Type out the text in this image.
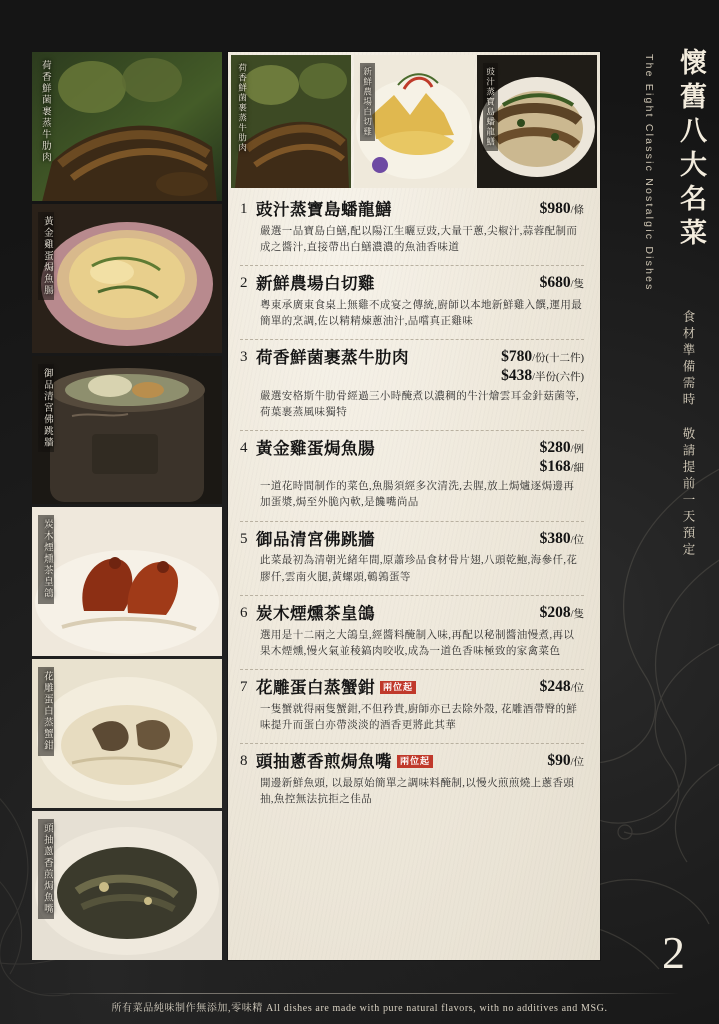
荷香鮮菌裹蒸牛肋肉
黃金雞蛋焗魚腸
御品清宮佛跳牆
炭木煙燻茶皇鴿
花雕蛋白蒸蟹鉗
頭抽蔥香煎焗魚嘴
荷香鮮菌裹蒸牛肋肉	新鮮農場白切雞	豉汁蒸寶島蟠龍鱔
1 豉汁蒸寶島蟠龍鱔	$980/條
嚴選一品寶島白鱔,配以陽江生曬豆豉,大量干蔥,尖椒汁,蒜蓉配制而成之醬汁,直接帶出白鱔濃濃的魚油香味道
2 新鮮農場白切雞	$680/隻
粵東承廣東食桌上無雞不成宴之傳統,廚師以本地新鮮雞入饌,運用最簡單的烹調,佐以精精煉蔥油汁,品嚐真正雞味
3 荷香鮮菌裹蒸牛肋肉	$780/份(十二件)
$438/半份(六件)
嚴選安格斯牛肋骨經過三小時醃煮以濃稠的牛汁燴雲耳金針菇菌等,荷葉裹蒸風味獨特
4 黃金雞蛋焗魚腸	$280/例
$168/細
一道花時間制作的菜色,魚腸須經多次清洗,去腥,放上焗爐逐焗邊再加蛋漿,焗至外脆內軟,是饞嘴尚品
5 御品清宮佛跳牆	$380/位
此菜最初為清朝光緒年間,原蕭珍品食材骨片翅,八頭乾鮑,海參仟,花膠仟,雲南火腿,黃螺頭,鵪鶉蛋等
6 炭木煙燻茶皇鴿	$208/隻
選用是十二兩之大鴿皇,經醬料醃制入味,再配以秘制醬油慢煮,再以果木煙燻,慢火氣並稜鎬肉咬收,成為一道色香味極致的家禽菜色
7 花雕蛋白蒸蟹鉗 兩位起	$248/位
一隻蟹就得兩隻蟹鉗,不但矜貴,廚師亦已去除外殼, 花雕酒帶臀的鮮味提升而蛋白亦帶淡淡的酒香更將此其華
8 頭抽蔥香煎焗魚嘴 兩位起	$90/位
開邊新鮮魚頭, 以最原始簡單之調味料醃制,以慢火煎煎燒上蔥香頭抽,魚控無法抗拒之佳品
懷舊八大名菜
The Eight Classic Nostalgic Dishes
食材準備需時 敬請提前一天預定
2
所有菜品純味制作無添加,零味精 All dishes are made with pure natural flavors, with no additives and MSG.
